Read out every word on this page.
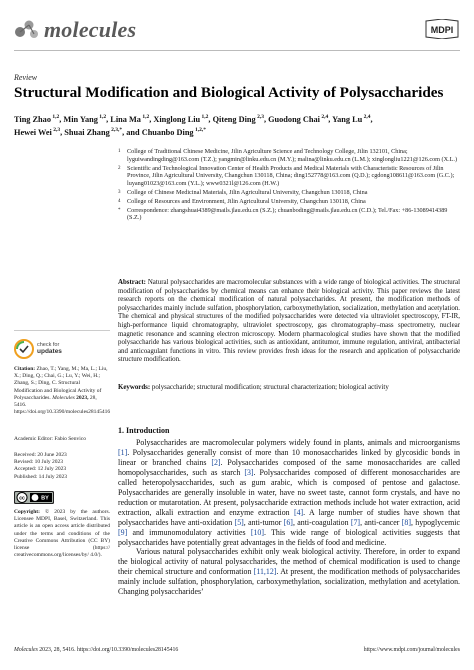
molecules	MDPI
Review
Structural Modification and Biological Activity of Polysaccharides
Ting Zhao $^{1,2}$, Min Yang $^{1,2}$, Lina Ma $^{1,2}$, Xinglong Liu $^{1,2}$, Qiteng Ding $^{2,3}$, Guodong Chai $^{2,4}$, Yang Lu $^{2,4}$,
Hewei Wei $^{2,3}$, Shuai Zhang $^{2,3,*}$, and Chuanbo Ding $^{1,2,*}$
1	College of Traditional Chinese Medicine, Jilin Agriculture Science and Technology College, Jilin 132101, China; lyguiwandingding@163.com (T.Z.); yangmin@linku.edu.cn (M.Y.); malina@linku.edu.cn (L.M.); xinglongliu1221@126.com (X.L.)
2	Scientific and Technological Innovation Center of Health Products and Medical Materials with Characteristic Resources of Jilin Province, Jilin Agricultural University, Changchun 130118, China; ding152778@163.com (Q.D.); cgdong108611@163.com (G.C.); luyang01023@163.com (Y.L.); www0321l@126.com (H.W.)
3	College of Chinese Medicinal Materials, Jilin Agricultural University, Changchun 130118, China
4	College of Resources and Environment, Jilin Agricultural University, Changchun 130118, China
*	Correspondence: zhangshuai4389@mails.jlau.edu.cn (S.Z.); chuanboding@mails.jlau.edu.cn (C.D.); Tel./Fax: +86-13089414389 (S.Z.)
Abstract: Natural polysaccharides are macromolecular substances with a wide range of biological activities. The structural modification of polysaccharides by chemical means can enhance their biological activity. This paper reviews the latest research reports on the chemical modification of natural polysaccharides. At present, the modification methods of polysaccharides mainly include sulfation, phosphorylation, carboxymethylation, socialization, methylation and acetylation. The chemical and physical structures of the modified polysaccharides were detected via ultraviolet spectroscopy, FT-IR, high-performance liquid chromatography, ultraviolet spectroscopy, gas chromatography–mass spectrometry, nuclear magnetic resonance and scanning electron microscopy. Modern pharmacological studies have shown that the modified polysaccharide has various biological activities, such as antioxidant, antitumor, immune regulation, antiviral, antibacterial and anticoagulant functions in vitro. This review provides fresh ideas for the research and application of polysaccharide structure modification.
Keywords: polysaccharide; structural modification; structural characterization; biological activity
check for
updates
Citation: Zhao, T.; Yang, M.; Ma, L.; Liu, X.; Ding, Q.; Chai, G.; Lu, Y.; Wei, H.; Zhang, S.; Ding, C. Structural Modification and Biological Activity of Polysaccharides. Molecules 2023, 28, 5416. https://doi.org/10.3390/molecules28145416
Academic Editor: Fabio Senvico
Received: 20 June 2023
Revised: 10 July 2023
Accepted: 12 July 2023
Published: 14 July 2023
cc	BY
Copyright: © 2023 by the authors. Licensee MDPI, Basel, Switzerland. This article is an open access article distributed under the terms and conditions of the Creative Commons Attribution (CC BY) license (https:// creativecommons.org/licenses/by/ 4.0/).
1. Introduction

Polysaccharides are macromolecular polymers widely found in plants, animals and microorganisms [1]. Polysaccharides generally consist of more than 10 monosaccharides linked by glycosidic bonds in linear or branched chains [2]. Polysaccharides composed of the same monosaccharides are called homopolysaccharides, such as starch [3]. Polysaccharides composed of different monosaccharides are called heteropolysaccharides, such as gum arabic, which is composed of pentose and galactose. Polysaccharides are generally insoluble in water, have no sweet taste, cannot form crystals, and have no reduction or mutarotation. At present, polysaccharide extraction methods include hot water extraction, acid extraction, alkali extraction and enzyme extraction [4]. A large number of studies have shown that polysaccharides have anti-oxidation [5], anti-tumor [6], anti-coagulation [7], anti-cancer [8], hypoglycemic [9] and immunomodulatory activities [10]. This wide range of biological activities suggests that polysaccharides have potentially great advantages in the fields of food and medicine.

Various natural polysaccharides exhibit only weak biological activity. Therefore, in order to expand the biological activity of natural polysaccharides, the method of chemical modification is used to change their chemical structure and conformation [11,12]. At present, the modification methods of polysaccharides mainly include sulfation, phosphorylation, carboxymethylation, socialization, methylation and acetylation. Changing polysaccharides’

Molecules 2023, 28, 5416. https://doi.org/10.3390/molecules28145416	https://www.mdpi.com/journal/molecules
